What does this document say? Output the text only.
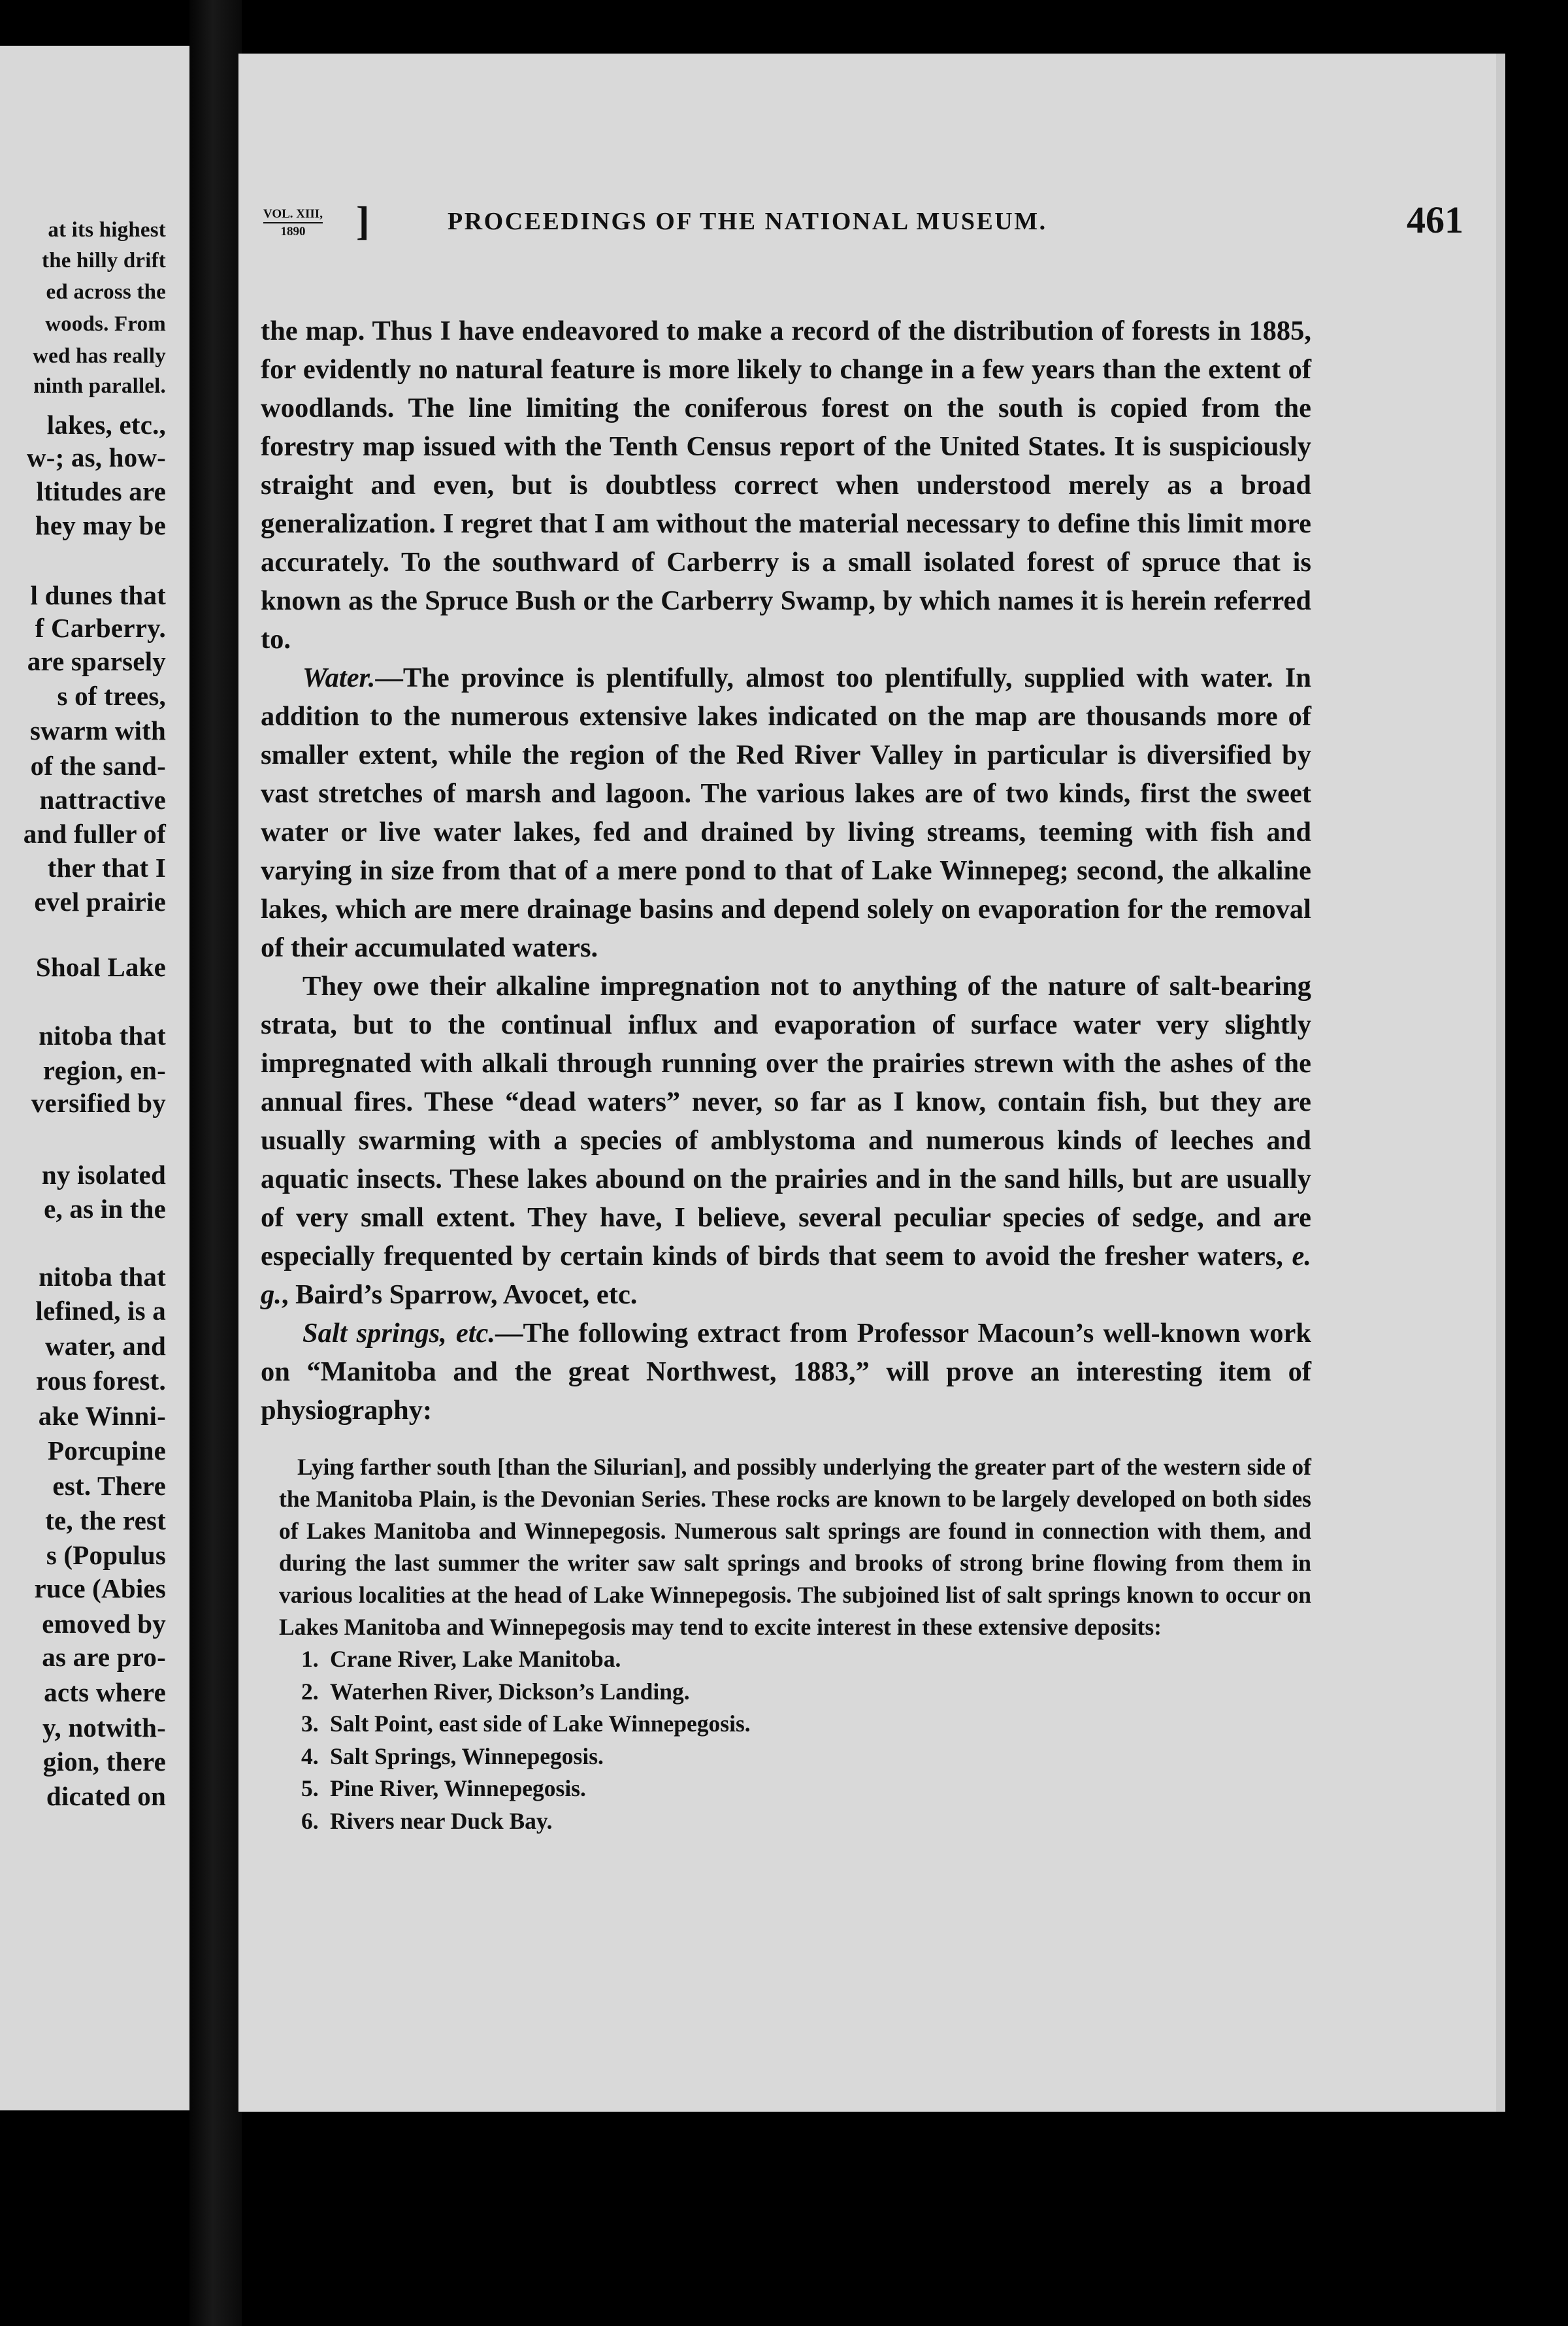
at its highest
the hilly drift
ed across the
woods. From
wed has really
ninth parallel.
lakes, etc.,
w-; as, how-
ltitudes are
hey may be
l dunes that
f Carberry.
are sparsely
s of trees,
swarm with
of the sand-
nattractive
and fuller of
ther that I
evel prairie
Shoal Lake
nitoba that
region, en-
versified by
ny isolated
e, as in the
nitoba that
lefined, is a
water, and
rous forest.
ake Winni-
Porcupine
est. There
te, the rest
s (Populus
ruce (Abies
emoved by
as are pro-
acts where
y, notwith-
gion, there
dicated on
VOL. XIII,
1890	]	PROCEEDINGS OF THE NATIONAL MUSEUM.	461

the map. Thus I have endeavored to make a record of the distribution of forests in 1885, for evidently no natural feature is more likely to change in a few years than the extent of woodlands. The line limiting the coniferous forest on the south is copied from the forestry map issued with the Tenth Census report of the United States. It is suspiciously straight and even, but is doubtless correct when understood merely as a broad generalization. I regret that I am without the material necessary to define this limit more accurately. To the southward of Carberry is a small isolated forest of spruce that is known as the Spruce Bush or the Carberry Swamp, by which names it is herein referred to.

Water.—The province is plentifully, almost too plentifully, supplied with water. In addition to the numerous extensive lakes indicated on the map are thousands more of smaller extent, while the region of the Red River Valley in particular is diversified by vast stretches of marsh and lagoon. The various lakes are of two kinds, first the sweet water or live water lakes, fed and drained by living streams, teeming with fish and varying in size from that of a mere pond to that of Lake Winnepeg; second, the alkaline lakes, which are mere drainage basins and depend solely on evaporation for the removal of their accumulated waters.

They owe their alkaline impregnation not to anything of the nature of salt-bearing strata, but to the continual influx and evaporation of surface water very slightly impregnated with alkali through running over the prairies strewn with the ashes of the annual fires. These “dead waters” never, so far as I know, contain fish, but they are usually swarming with a species of amblystoma and numerous kinds of leeches and aquatic insects. These lakes abound on the prairies and in the sand hills, but are usually of very small extent. They have, I believe, several peculiar species of sedge, and are especially frequented by certain kinds of birds that seem to avoid the fresher waters, e. g., Baird’s Sparrow, Avocet, etc.

Salt springs, etc.—The following extract from Professor Macoun’s well-known work on “Manitoba and the great Northwest, 1883,” will prove an interesting item of physiography:

Lying farther south [than the Silurian], and possibly underlying the greater part of the western side of the Manitoba Plain, is the Devonian Series. These rocks are known to be largely developed on both sides of Lakes Manitoba and Winnepegosis. Numerous salt springs are found in connection with them, and during the last summer the writer saw salt springs and brooks of strong brine flowing from them in various localities at the head of Lake Winnepegosis. The subjoined list of salt springs known to occur on Lakes Manitoba and Winnepegosis may tend to excite interest in these extensive deposits:

1. Crane River, Lake Manitoba.
2. Waterhen River, Dickson’s Landing.
3. Salt Point, east side of Lake Winnepegosis.
4. Salt Springs, Winnepegosis.
5. Pine River, Winnepegosis.
6. Rivers near Duck Bay.
